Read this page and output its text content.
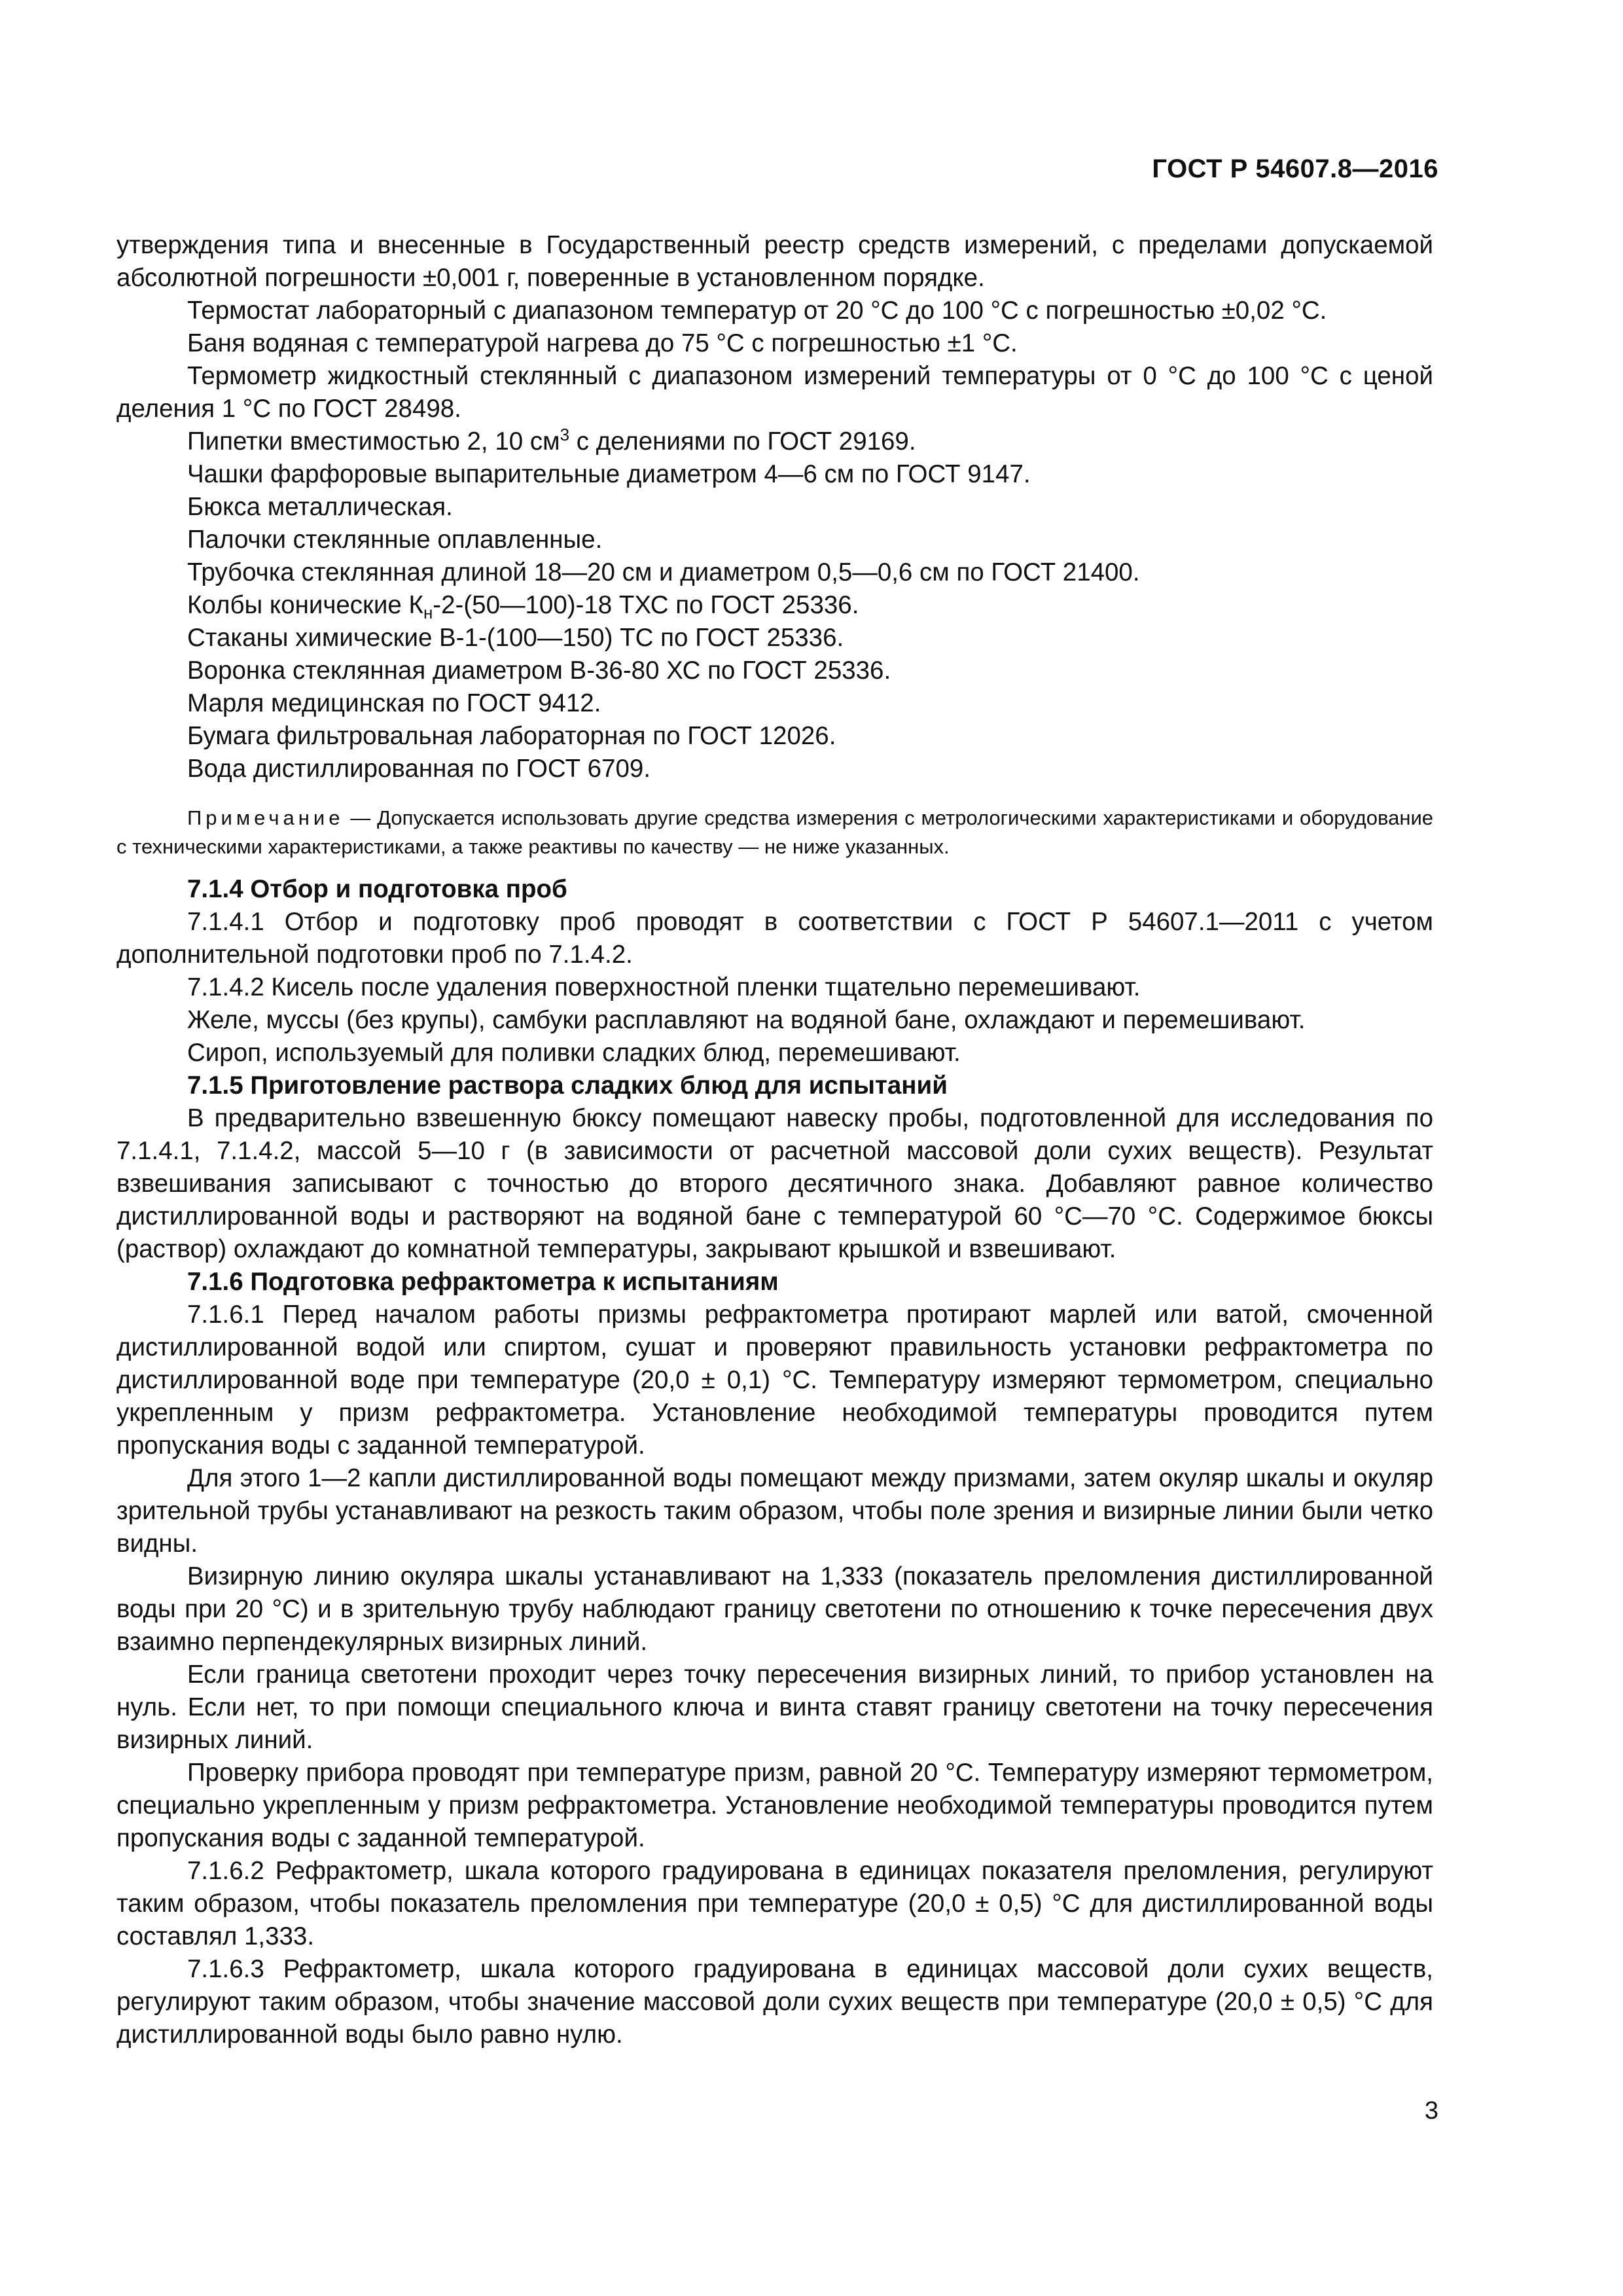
ГОСТ Р 54607.8—2016

утверждения типа и внесенные в Государственный реестр средств измерений, с пределами допускаемой абсолютной погрешности ±0,001 г, поверенные в установленном порядке.

Термостат лабораторный с диапазоном температур от 20 °C до 100 °C с погрешностью ±0,02 °C.

Баня водяная с температурой нагрева до 75 °C с погрешностью ±1 °C.

Термометр жидкостный стеклянный с диапазоном измерений температуры от 0 °C до 100 °C с ценой деления 1 °C по ГОСТ 28498.

Пипетки вместимостью 2, 10 $см^3$ с делениями по ГОСТ 29169.

Чашки фарфоровые выпарительные диаметром 4—6 см по ГОСТ 9147.

Бюкса металлическая.

Палочки стеклянные оплавленные.

Трубочка стеклянная длиной 18—20 см и диаметром 0,5—0,6 см по ГОСТ 21400.

Колбы конические $К_н-2-(50—100)-18$ ТХС по ГОСТ 25336.

Стаканы химические В-1-(100—150) ТС по ГОСТ 25336.

Воронка стеклянная диаметром В-36-80 ХС по ГОСТ 25336.

Марля медицинская по ГОСТ 9412.

Бумага фильтровальная лабораторная по ГОСТ 12026.

Вода дистиллированная по ГОСТ 6709.

Примечание — Допускается использовать другие средства измерения с метрологическими характеристиками и оборудование с техническими характеристиками, а также реактивы по качеству — не ниже указанных.

7.1.4 Отбор и подготовка проб

7.1.4.1 Отбор и подготовку проб проводят в соответствии с ГОСТ Р 54607.1—2011 с учетом дополнительной подготовки проб по 7.1.4.2.

7.1.4.2 Кисель после удаления поверхностной пленки тщательно перемешивают.

Желе, муссы (без крупы), самбуки расплавляют на водяной бане, охлаждают и перемешивают.

Сироп, используемый для поливки сладких блюд, перемешивают.

7.1.5 Приготовление раствора сладких блюд для испытаний

В предварительно взвешенную бюксу помещают навеску пробы, подготовленной для исследования по 7.1.4.1, 7.1.4.2, массой 5—10 г (в зависимости от расчетной массовой доли сухих веществ). Результат взвешивания записывают с точностью до второго десятичного знака. Добавляют равное количество дистиллированной воды и растворяют на водяной бане с температурой 60 °C—70 °C. Содержимое бюксы (раствор) охлаждают до комнатной температуры, закрывают крышкой и взвешивают.

7.1.6 Подготовка рефрактометра к испытаниям

7.1.6.1 Перед началом работы призмы рефрактометра протирают марлей или ватой, смоченной дистиллированной водой или спиртом, сушат и проверяют правильность установки рефрактометра по дистиллированной воде при температуре (20,0 ± 0,1) °C. Температуру измеряют термометром, специально укрепленным у призм рефрактометра. Установление необходимой температуры проводится путем пропускания воды с заданной температурой.

Для этого 1—2 капли дистиллированной воды помещают между призмами, затем окуляр шкалы и окуляр зрительной трубы устанавливают на резкость таким образом, чтобы поле зрения и визирные линии были четко видны.

Визирную линию окуляра шкалы устанавливают на 1,333 (показатель преломления дистиллированной воды при 20 °C) и в зрительную трубу наблюдают границу светотени по отношению к точке пересечения двух взаимно перпендекулярных визирных линий.

Если граница светотени проходит через точку пересечения визирных линий, то прибор установлен на нуль. Если нет, то при помощи специального ключа и винта ставят границу светотени на точку пересечения визирных линий.

Проверку прибора проводят при температуре призм, равной 20 °C. Температуру измеряют термометром, специально укрепленным у призм рефрактометра. Установление необходимой температуры проводится путем пропускания воды с заданной температурой.

7.1.6.2 Рефрактометр, шкала которого градуирована в единицах показателя преломления, регулируют таким образом, чтобы показатель преломления при температуре (20,0 ± 0,5) °C для дистиллированной воды составлял 1,333.

7.1.6.3 Рефрактометр, шкала которого градуирована в единицах массовой доли сухих веществ, регулируют таким образом, чтобы значение массовой доли сухих веществ при температуре (20,0 ± 0,5) °C для дистиллированной воды было равно нулю.

3
